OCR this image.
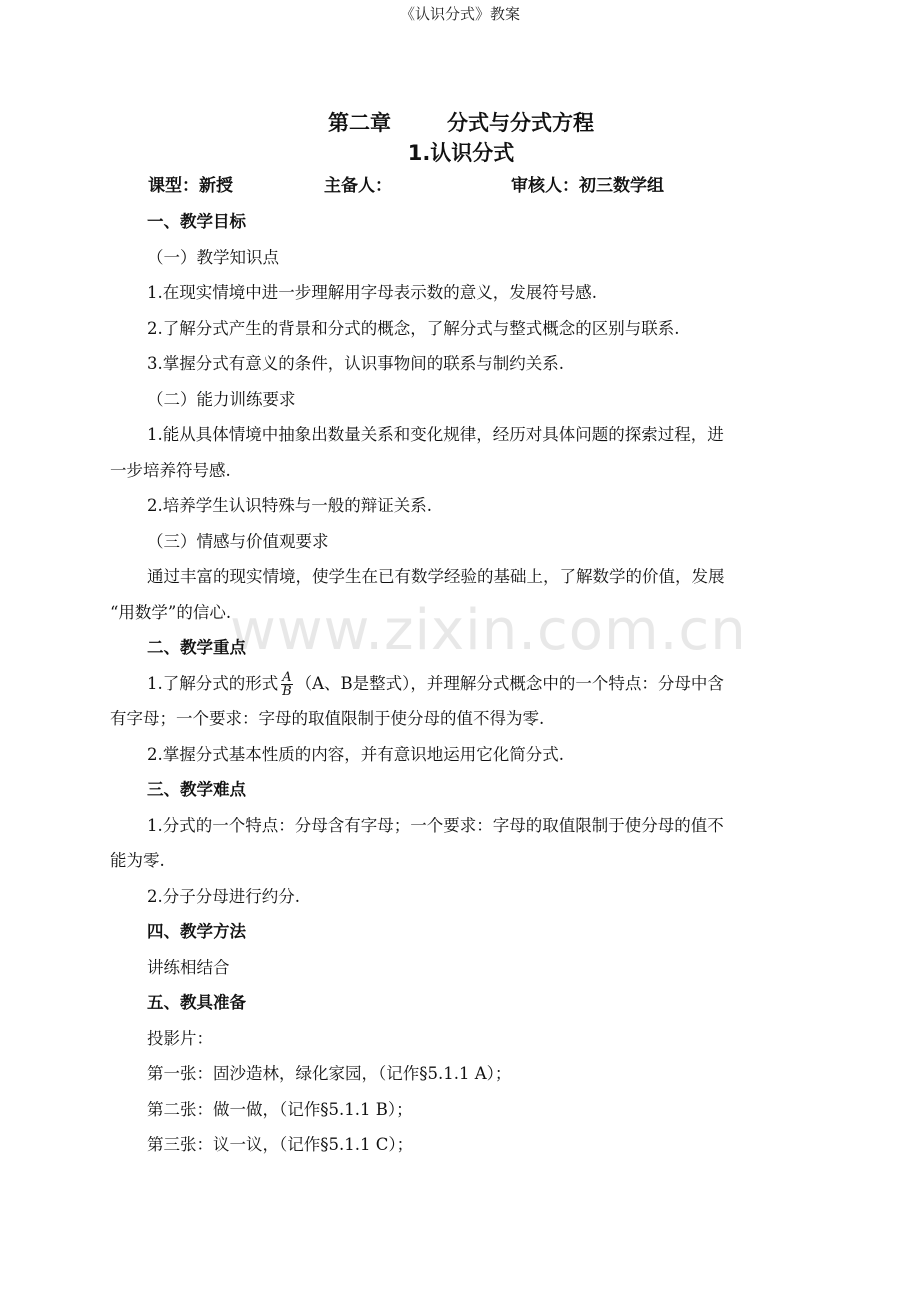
《认识分式》教案
www.zixin.com.cn
第二章	分式与分式方程
1.认识分式
课型：新授	主备人：	审核人：初三数学组
一、教学目标
（一）教学知识点
1.在现实情境中进一步理解用字母表示数的意义，发展符号感.
2.了解分式产生的背景和分式的概念，了解分式与整式概念的区别与联系.
3.掌握分式有意义的条件，认识事物间的联系与制约关系.
（二）能力训练要求
1.能从具体情境中抽象出数量关系和变化规律，经历对具体问题的探索过程，进
一步培养符号感.
2.培养学生认识特殊与一般的辩证关系.
（三）情感与价值观要求
通过丰富的现实情境，使学生在已有数学经验的基础上，了解数学的价值，发展
“用数学”的信心.
二、教学重点
1.了解分式的形式 $\frac{A}{B} (A$、B是整式），并理解分式概念中的一个特点：分母中含
有字母；一个要求：字母的取值限制于使分母的值不得为零.
2.掌握分式基本性质的内容，并有意识地运用它化简分式.
三、教学难点
1.分式的一个特点：分母含有字母；一个要求：字母的取值限制于使分母的值不
能为零.
2.分子分母进行约分.
四、教学方法
讲练相结合
五、教具准备
投影片：
第一张：固沙造林，绿化家园，（记作§5.1.1 A）；
第二张：做一做，（记作§5.1.1 B）；
第三张：议一议，（记作§5.1.1 C）；
